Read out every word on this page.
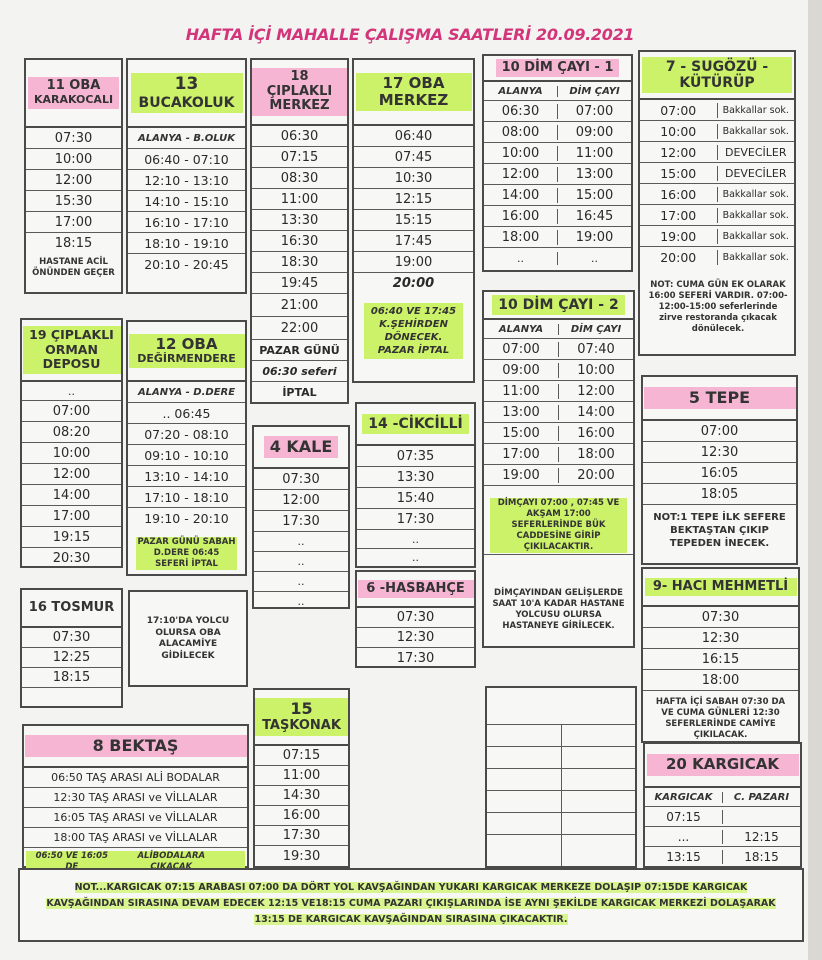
HAFTA İÇİ MAHALLE ÇALIŞMA SAATLERİ 20.09.2021
11 OBA
KARAKOCALI
07:30
10:00
12:00
15:30
17:00
18:15
HASTANE ACİL ÖNÜNDEN GEÇER
13
BUCAKOLUK
ALANYA - B.OLUK
06:40 - 07:10
12:10 - 13:10
14:10 - 15:10
16:10 - 17:10
18:10 - 19:10
20:10 - 20:45
18 ÇIPLAKLI
MERKEZ
06:30
07:15
08:30
11:00
13:30
16:30
18:30
19:45
21:00
22:00
PAZAR GÜNÜ
06:30 seferi
İPTAL
17 OBA
MERKEZ
06:40
07:45
10:30
12:15
15:15
17:45
19:00
20:00
06:40 VE 17:45 K.ŞEHİRDEN DÖNECEK. PAZAR İPTAL
10 DİM ÇAYI - 1
ALANYA	DİM ÇAYI
06:30	07:00
08:00	09:00
10:00	11:00
12:00	13:00
14:00	15:00
16:00	16:45
18:00	19:00
..	..
7 - SUGÖZÜ -
KÜTÜRÜP
07:00	Bakkallar sok.
10:00	Bakkallar sok.
12:00	DEVECİLER
15:00	DEVECİLER
16:00	Bakkallar sok.
17:00	Bakkallar sok.
19:00	Bakkallar sok.
20:00	Bakkallar sok.
NOT: CUMA GÜN EK OLARAK 16:00 SEFERİ VARDIR. 07:00-12:00-15:00 seferlerinde zirve restoranda çıkacak dönülecek.
19 ÇIPLAKLI
ORMAN
DEPOSU
..
07:00
08:20
10:00
12:00
14:00
17:00
19:15
20:30
12 OBA
DEĞİRMENDERE
ALANYA - D.DERE
.. 06:45
07:20 - 08:10
09:10 - 10:10
13:10 - 14:10
17:10 - 18:10
19:10 - 20:10
PAZAR GÜNÜ SABAH D.DERE 06:45 SEFERİ İPTAL
10 DİM ÇAYI - 2
ALANYA	DİM ÇAYI
07:00	07:40
09:00	10:00
11:00	12:00
13:00	14:00
15:00	16:00
17:00	18:00
19:00	20:00
DİMÇAYI 07:00 , 07:45 VE AKŞAM 17:00 SEFERLERİNDE BÜK CADDESİNE GİRİP ÇIKILACAKTIR.
DİMÇAYINDAN GELİŞLERDE SAAT 10'A KADAR HASTANE YOLCUSU OLURSA HASTANEYE GİRİLECEK.
5 TEPE
07:00
12:30
16:05
18:05
NOT:1 TEPE İLK SEFERE BEKTAŞTAN ÇIKIP TEPEDEN İNECEK.
4 KALE
07:30
12:00
17:30
..
..
..
..
14 -CİKCİLLİ
07:35
13:30
15:40
17:30
..
..
6 -HASBAHÇE
07:30
12:30
17:30
9- HACI MEHMETLİ
07:30
12:30
16:15
18:00
HAFTA İÇİ SABAH 07:30 DA VE CUMA GÜNLERİ 12:30 SEFERLERİNDE CAMİYE ÇIKILACAK.
16 TOSMUR
07:30
12:25
18:15
17:10'DA YOLCU OLURSA OBA ALACAMİYE GİDİLECEK
15
TAŞKONAK
07:15
11:00
14:30
16:00
17:30
19:30
8 BEKTAŞ
06:50 TAŞ ARASI ALİ BODALAR
12:30 TAŞ ARASI ve VİLLALAR
16:05 TAŞ ARASI ve VİLLALAR
18:00 TAŞ ARASI ve VİLLALAR
06:50 VE 16:05	ALİBODALARA
20 KARGICAK
KARGICAK	C. PAZARI
07:15
...	12:15
13:15	18:15
NOT...KARGICAK 07:15 ARABASI 07:00 DA DÖRT YOL KAVŞAĞINDAN YUKARI KARGICAK MERKEZE DOLAŞIP 07:15DE KARGICAK KAVŞAĞINDAN SIRASINA DEVAM EDECEK 12:15 VE18:15 CUMA PAZARI ÇIKIŞLARINDA İSE AYNI ŞEKİLDE KARGICAK MERKEZİ DOLAŞARAK 13:15 DE KARGICAK KAVŞAĞINDAN SIRASINA ÇIKACAKTIR.
